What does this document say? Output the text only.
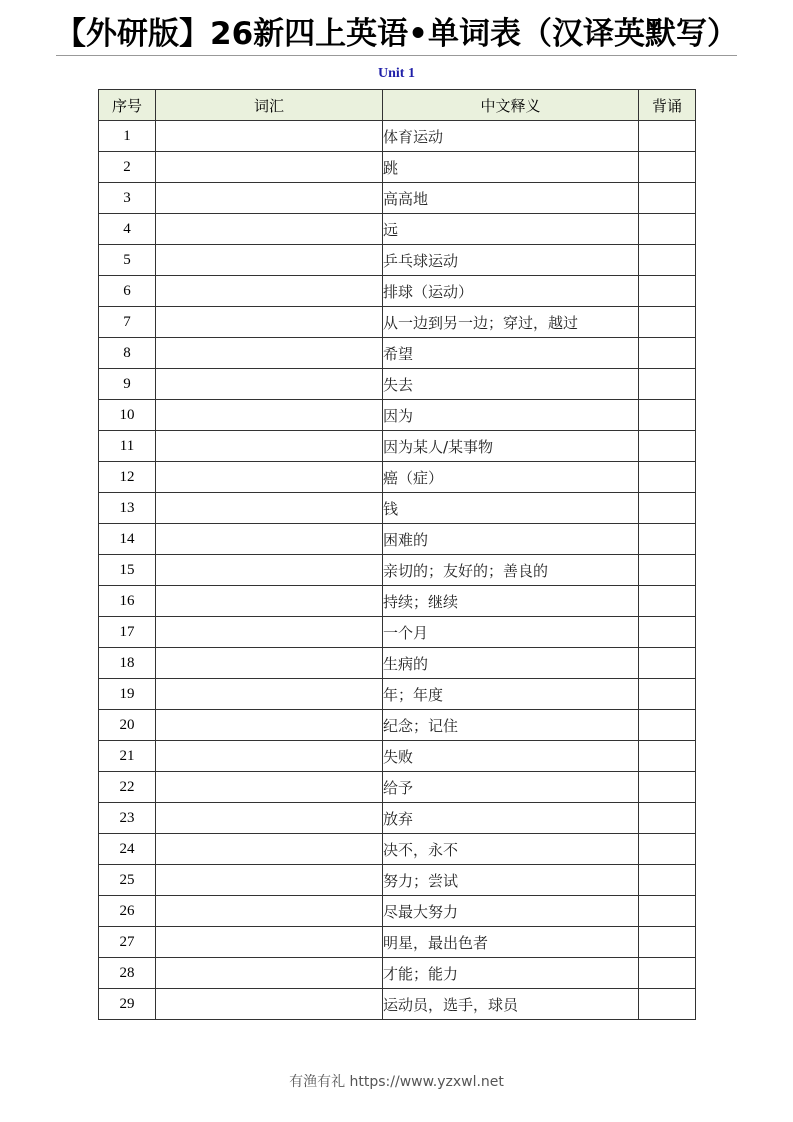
【外研版】26新四上英语•单词表（汉译英默写）
Unit 1
序号	词汇	中文释义	背诵
1		体育运动	
2		跳	
3		高高地	
4		远	
5		乒乓球运动	
6		排球（运动）	
7		从一边到另一边；穿过，越过	
8		希望	
9		失去	
10		因为	
11		因为某人/某事物	
12		癌（症）	
13		钱	
14		困难的	
15		亲切的；友好的；善良的	
16		持续；继续	
17		一个月	
18		生病的	
19		年；年度	
20		纪念；记住	
21		失败	
22		给予	
23		放弃	
24		决不，永不	
25		努力；尝试	
26		尽最大努力	
27		明星，最出色者	
28		才能；能力	
29		运动员，选手，球员	
有渔有礼 https://www.yzxwl.net
